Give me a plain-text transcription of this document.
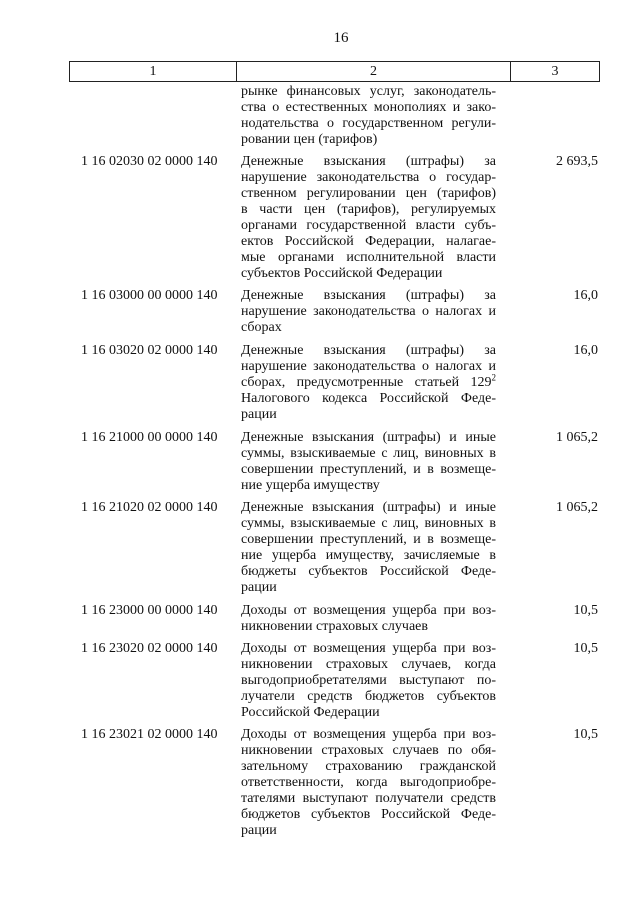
16
1	2	3
рынке финансовых услуг, законодатель-
ства о естественных монополиях и зако-
нодательства о государственном регули-
ровании цен (тарифов)
1 16 02030 02 0000 140	Денежные взыскания (штрафы) за
нарушение законодательства о государ-
ственном регулировании цен (тарифов)
в части цен (тарифов), регулируемых
органами государственной власти субъ-
ектов Российской Федерации, налагае-
мые органами исполнительной власти
субъектов Российской Федерации
2 693,5
1 16 03000 00 0000 140	Денежные взыскания (штрафы) за
нарушение законодательства о налогах и
сборах
16,0
1 16 03020 02 0000 140	Денежные взыскания (штрафы) за
нарушение законодательства о налогах и
сборах, предусмотренные статьей $129^2$
Налогового кодекса Российской Феде-
рации
16,0
1 16 21000 00 0000 140	Денежные взыскания (штрафы) и иные
суммы, взыскиваемые с лиц, виновных в
совершении преступлений, и в возмеще-
ние ущерба имуществу
1 065,2
1 16 21020 02 0000 140	Денежные взыскания (штрафы) и иные
суммы, взыскиваемые с лиц, виновных в
совершении преступлений, и в возмеще-
ние ущерба имуществу, зачисляемые в
бюджеты субъектов Российской Феде-
рации
1 065,2
1 16 23000 00 0000 140	Доходы от возмещения ущерба при воз-
никновении страховых случаев
10,5
1 16 23020 02 0000 140	Доходы от возмещения ущерба при воз-
никновении страховых случаев, когда
выгодоприобретателями выступают по-
лучатели средств бюджетов субъектов
Российской Федерации
10,5
1 16 23021 02 0000 140	Доходы от возмещения ущерба при воз-
никновении страховых случаев по обя-
зательному страхованию гражданской
ответственности, когда выгодоприобре-
тателями выступают получатели средств
бюджетов субъектов Российской Феде-
рации
10,5
